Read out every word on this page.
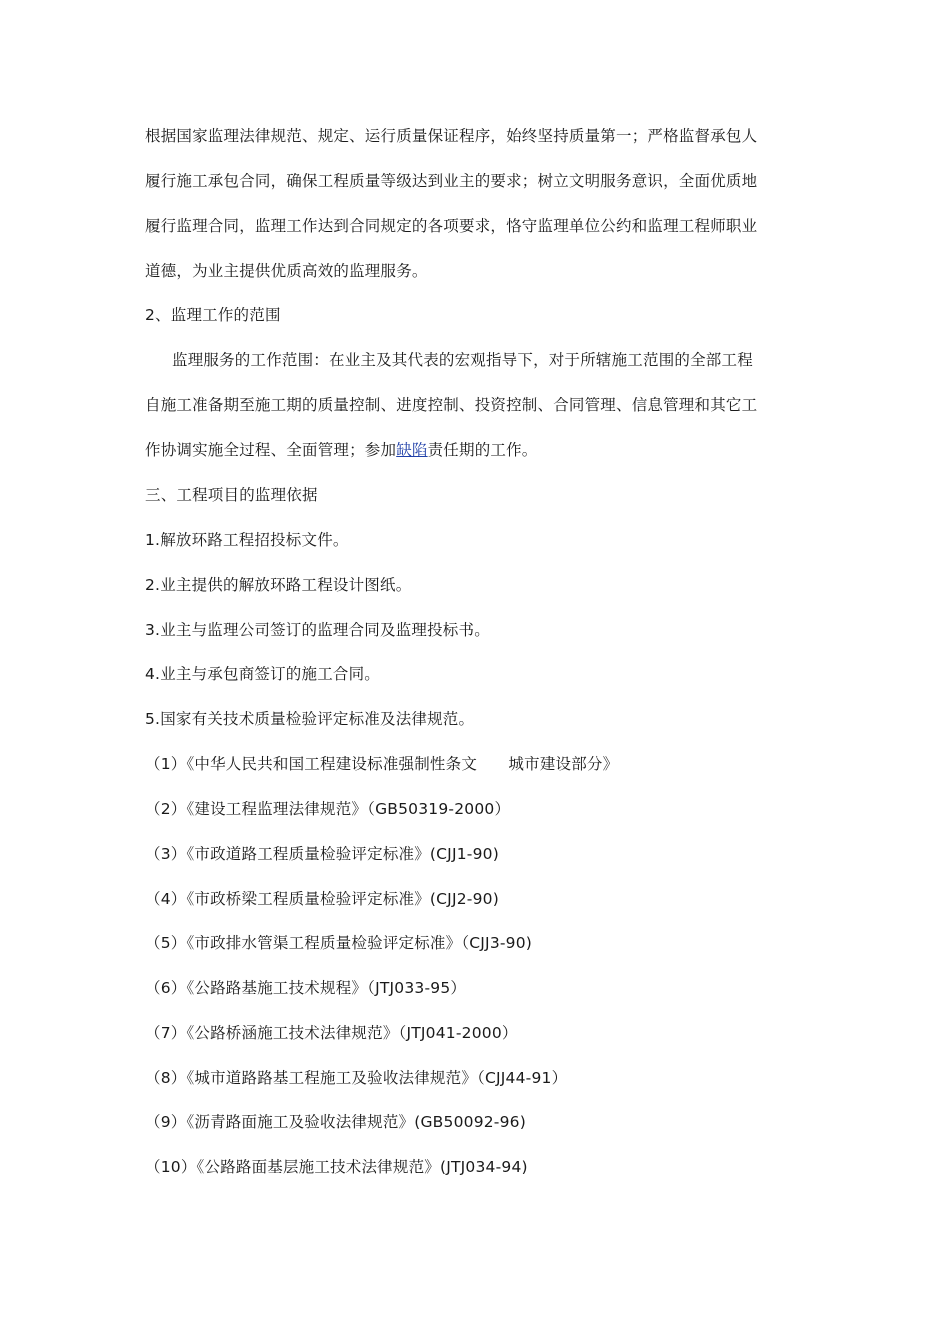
根据国家监理法律规范、规定、运行质量保证程序，始终坚持质量第一；严格监督承包人
履行施工承包合同，确保工程质量等级达到业主的要求；树立文明服务意识，全面优质地
履行监理合同，监理工作达到合同规定的各项要求，恪守监理单位公约和监理工程师职业
道德，为业主提供优质高效的监理服务。
2、监理工作的范围
监理服务的工作范围：在业主及其代表的宏观指导下，对于所辖施工范围的全部工程
自施工准备期至施工期的质量控制、进度控制、投资控制、合同管理、信息管理和其它工
作协调实施全过程、全面管理；参加缺陷责任期的工作。
三、工程项目的监理依据
1.解放环路工程招投标文件。
2.业主提供的解放环路工程设计图纸。
3.业主与监理公司签订的监理合同及监理投标书。
4.业主与承包商签订的施工合同。
5.国家有关技术质量检验评定标准及法律规范。
（1）《中华人民共和国工程建设标准强制性条文　　城市建设部分》
（2）《建设工程监理法律规范》（GB50319-2000）
（3）《市政道路工程质量检验评定标准》(CJJ1-90)
（4）《市政桥梁工程质量检验评定标准》(CJJ2-90)
（5）《市政排水管渠工程质量检验评定标准》（CJJ3-90)
（6）《公路路基施工技术规程》（JTJ033-95）
（7）《公路桥涵施工技术法律规范》（JTJ041-2000）
（8）《城市道路路基工程施工及验收法律规范》（CJJ44-91）
（9）《沥青路面施工及验收法律规范》(GB50092-96)
（10）《公路路面基层施工技术法律规范》(JTJ034-94)
